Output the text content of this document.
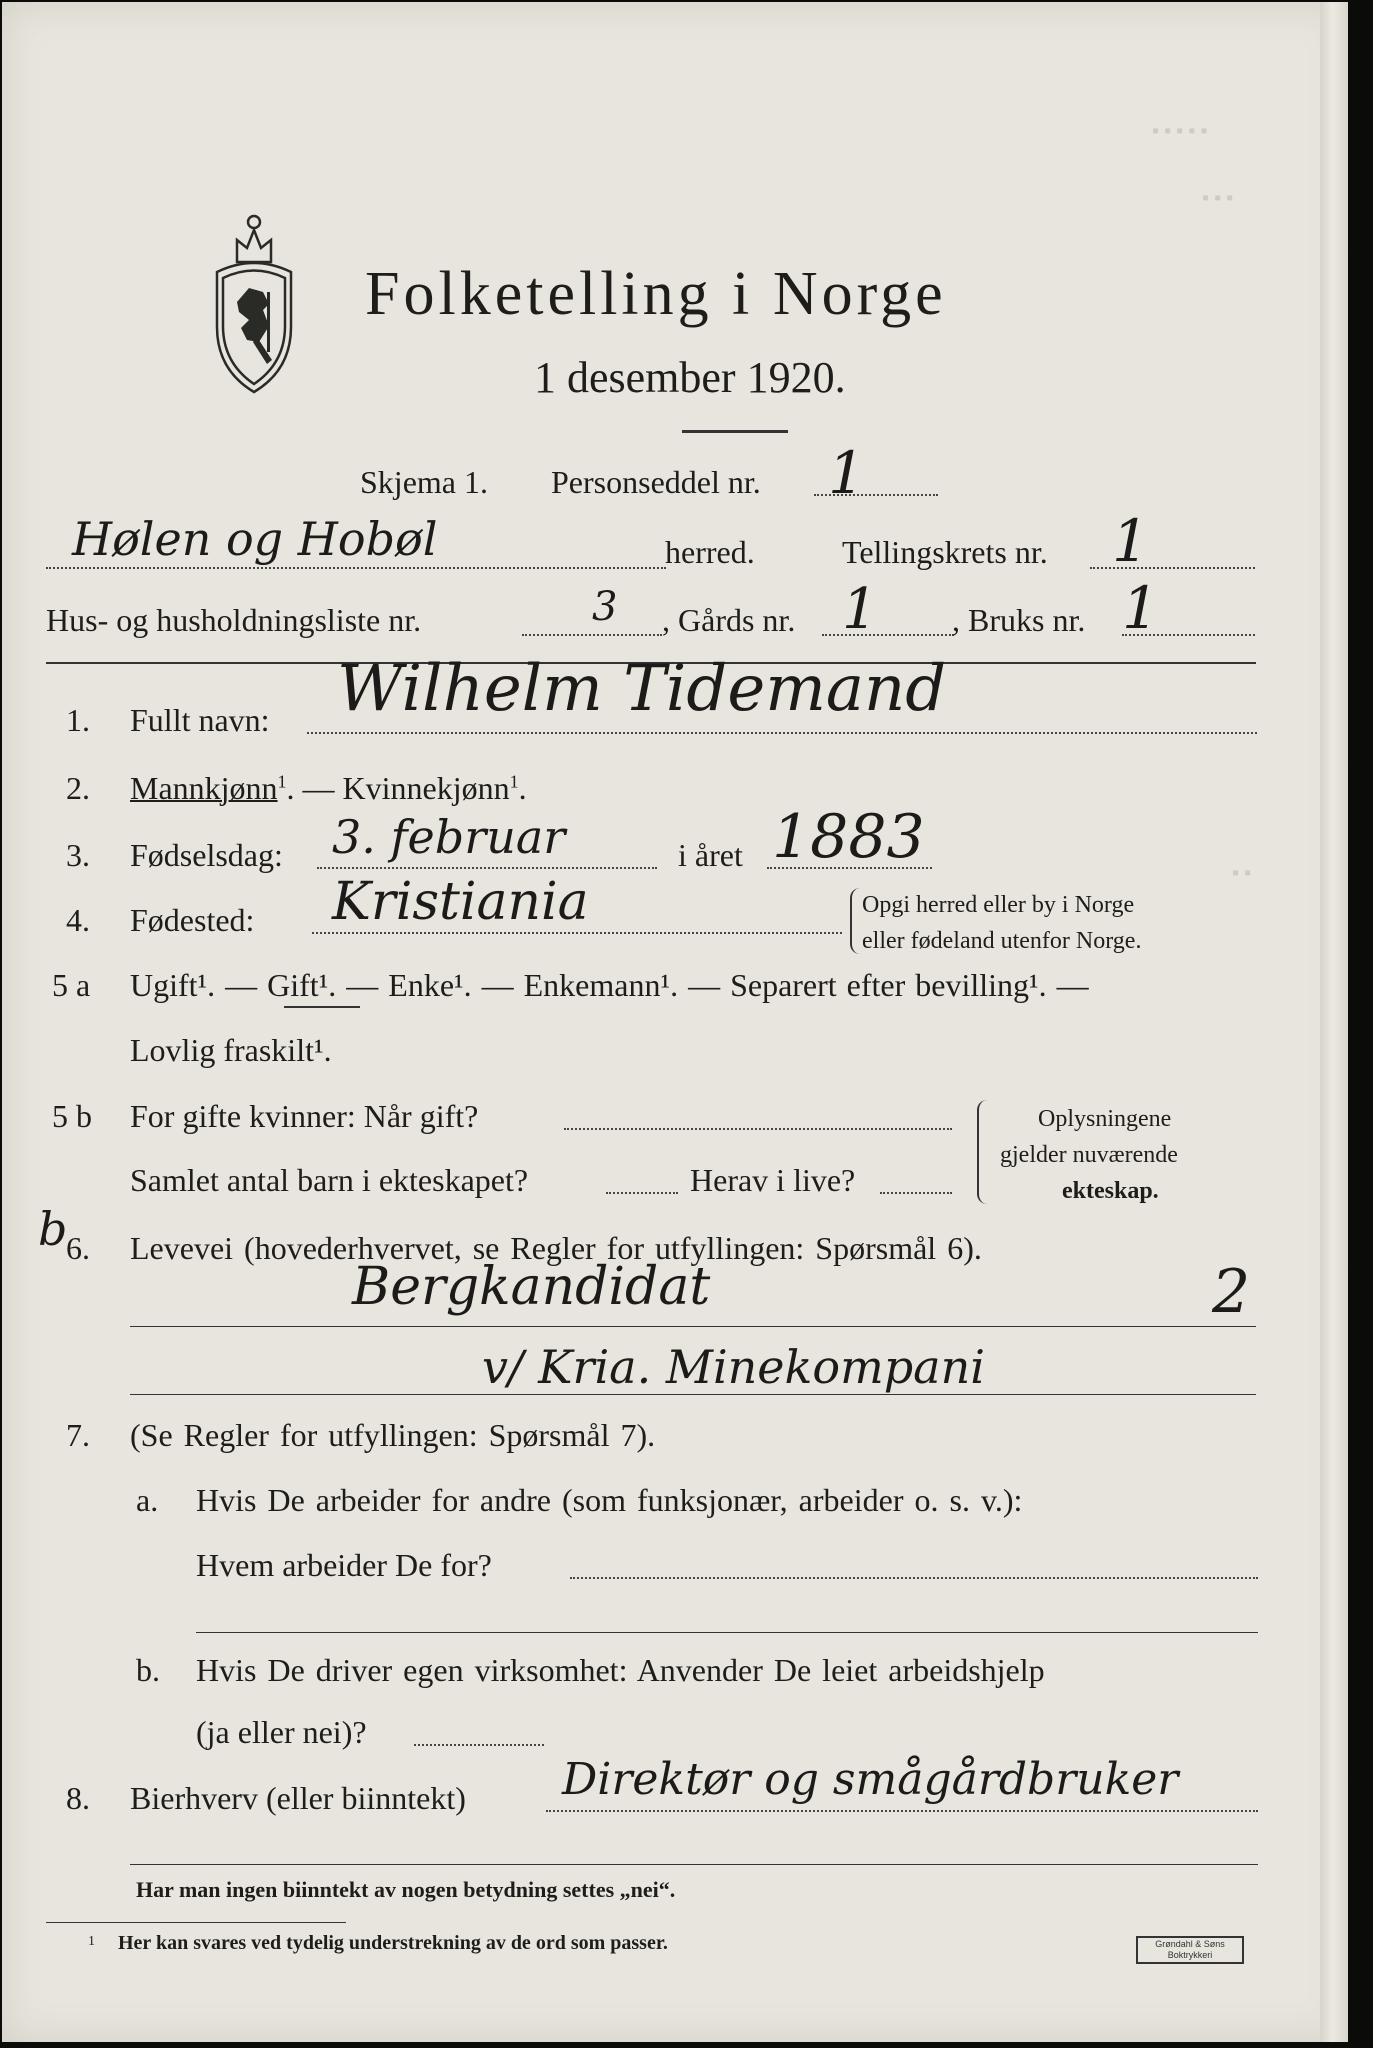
▪ ▪ ▪ ▪ ▪
▪ ▪ ▪
▪ ▪
Folketelling i Norge
1 desember 1920.
Skjema 1. Personseddel nr. 1
Hølen og Hobøl	herred.	Tellingskrets nr. 1
Hus- og husholdningsliste nr.	3 , Gårds nr. 1 , Bruks nr. 1
1. Fullt navn: Wilhelm Tidemand
2. Mannkjønn$^1$. — Kvinnekjønn$^1$.
3. Fødselsdag: 3. februar	i året 1883
4. Fødested: Kristiania	Opgi herred eller by i Norge
eller fødeland utenfor Norge.
5 a Ugift¹. — Gift¹. — Enke¹. — Enkemann¹. — Separert efter bevilling¹. —
Lovlig fraskilt¹.
5 b For gifte kvinner: Når gift?
Samlet antal barn i ekteskapet?	Herav i live?
Oplysningene
gjelder nuværende
ekteskap.
b
6. Levevei (hovederhvervet, se Regler for utfyllingen: Spørsmål 6).
Bergkandidat	2
v/ Kria. Minekompani
7. (Se Regler for utfyllingen: Spørsmål 7).
a. Hvis De arbeider for andre (som funksjonær, arbeider o. s. v.):
Hvem arbeider De for?
b. Hvis De driver egen virksomhet: Anvender De leiet arbeidshjelp
(ja eller nei)?
8. Bierhverv (eller biinntekt) Direktør og smågårdbruker
Har man ingen biinntekt av nogen betydning settes „nei“.
1 Her kan svares ved tydelig understrekning av de ord som passer.	Grøndahl & Søns Boktrykkeri
